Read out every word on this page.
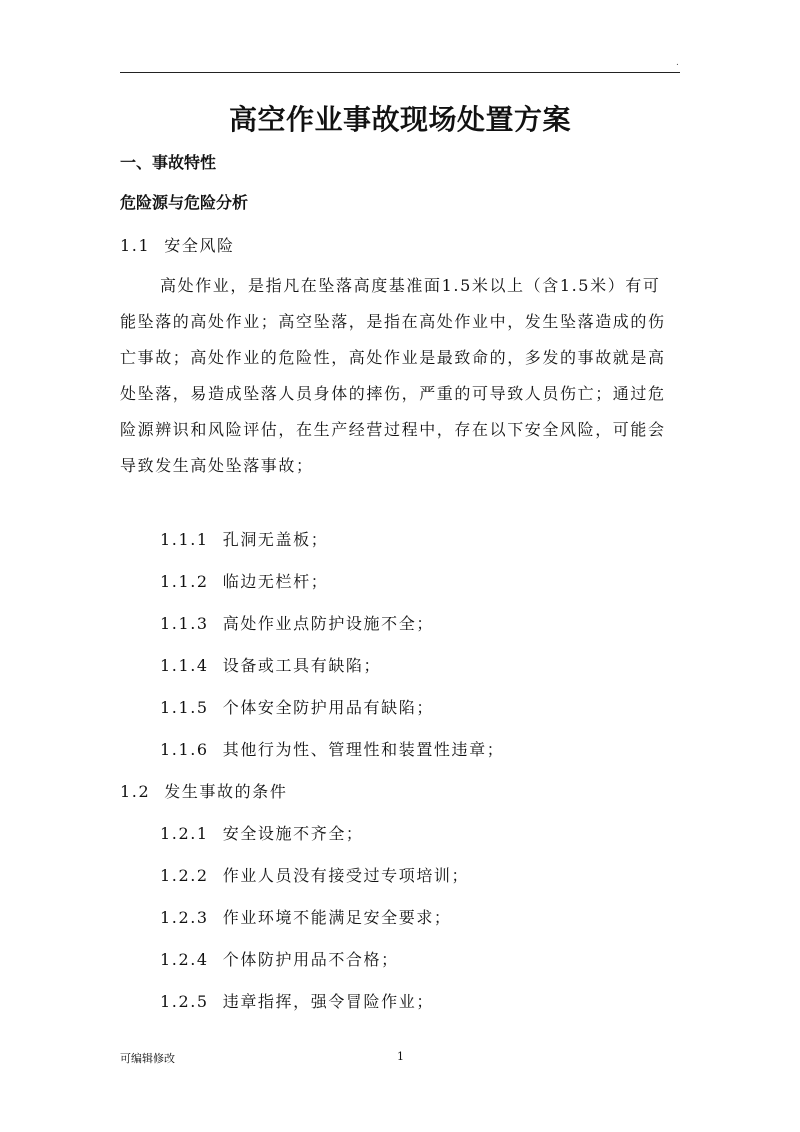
.
高空作业事故现场处置方案
一、事故特性
危险源与危险分析

1.1 安全风险

高处作业，是指凡在坠落高度基准面1.5米以上（含1.5米）有可能坠落的高处作业；高空坠落，是指在高处作业中，发生坠落造成的伤亡事故；高处作业的危险性，高处作业是最致命的，多发的事故就是高处坠落，易造成坠落人员身体的摔伤，严重的可导致人员伤亡；通过危险源辨识和风险评估，在生产经营过程中，存在以下安全风险，可能会导致发生高处坠落事故；

1.1.1 孔洞无盖板；

1.1.2 临边无栏杆；

1.1.3 高处作业点防护设施不全；

1.1.4 设备或工具有缺陷；

1.1.5 个体安全防护用品有缺陷；

1.1.6 其他行为性、管理性和装置性违章；

1.2 发生事故的条件

1.2.1 安全设施不齐全；

1.2.2 作业人员没有接受过专项培训；

1.2.3 作业环境不能满足安全要求；

1.2.4 个体防护用品不合格；

1.2.5 违章指挥，强令冒险作业；

可编辑修改	1
